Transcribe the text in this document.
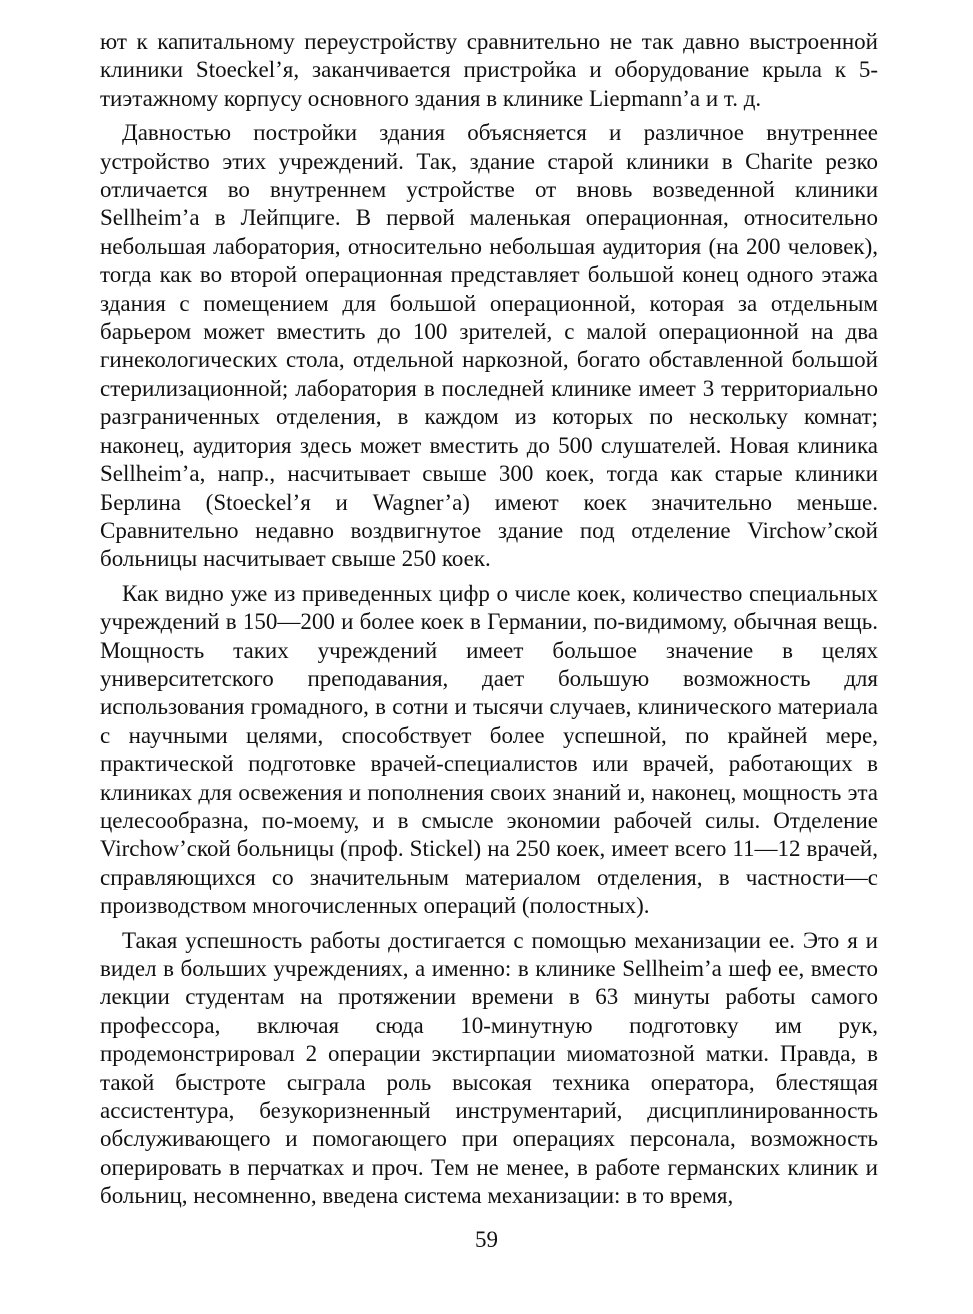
ют к капитальному переустройству сравнительно не так давно выстроенной клиники Stoeckel’я, заканчивается пристройка и оборудование крыла к 5-тиэтажному корпусу основного здания в клинике Liepmann’а и т. д.

Давностью постройки здания объясняется и различное внутреннее устройство этих учреждений. Так, здание старой клиники в Charite резко отличается во внутреннем устройстве от вновь возведенной клиники Sellheim’а в Лейпциге. В первой маленькая операционная, относительно небольшая лаборатория, относительно небольшая аудитория (на 200 человек), тогда как во второй операционная представляет большой конец одного этажа здания с помещением для большой операционной, которая за отдельным барьером может вместить до 100 зрителей, с малой операционной на два гинекологических стола, отдельной наркозной, богато обставленной большой стерилизационной; лаборатория в последней клинике имеет 3 территориально разграниченных отделения, в каждом из которых по нескольку комнат; наконец, аудитория здесь может вместить до 500 слушателей. Новая клиника Sellheim’а, напр., насчитывает свыше 300 коек, тогда как старые клиники Берлина (Stoeckel’я и Wagner’а) имеют коек значительно меньше. Сравнительно недавно воздвигнутое здание под отделение Virchow’ской больницы насчитывает свыше 250 коек.

Как видно уже из приведенных цифр о числе коек, количество специальных учреждений в 150—200 и более коек в Германии, по-видимому, обычная вещь. Мощность таких учреждений имеет большое значение в целях университетского преподавания, дает большую возможность для использования громадного, в сотни и тысячи случаев, клинического материала с научными целями, способствует более успешной, по крайней мере, практической подготовке врачей-специалистов или врачей, работающих в клиниках для освежения и пополнения своих знаний и, наконец, мощность эта целесообразна, по-моему, и в смысле экономии рабочей силы. Отделение Virchow’ской больницы (проф. Stickel) на 250 коек, имеет всего 11—12 врачей, справляющихся со значительным материалом отделения, в частности—с производством многочисленных операций (полостных).

Такая успешность работы достигается с помощью механизации ее. Это я и видел в больших учреждениях, а именно: в клинике Sellheim’а шеф ее, вместо лекции студентам на протяжении времени в 63 минуты работы самого профессора, включая сюда 10-минутную подготовку им рук, продемонстрировал 2 операции экстирпации миоматозной матки. Правда, в такой быстроте сыграла роль высокая техника оператора, блестящая ассистентура, безукоризненный инструментарий, дисциплинированность обслуживающего и помогающего при операциях персонала, возможность оперировать в перчатках и проч. Тем не менее, в работе германских клиник и больниц, несомненно, введена система механизации: в то время,

59
